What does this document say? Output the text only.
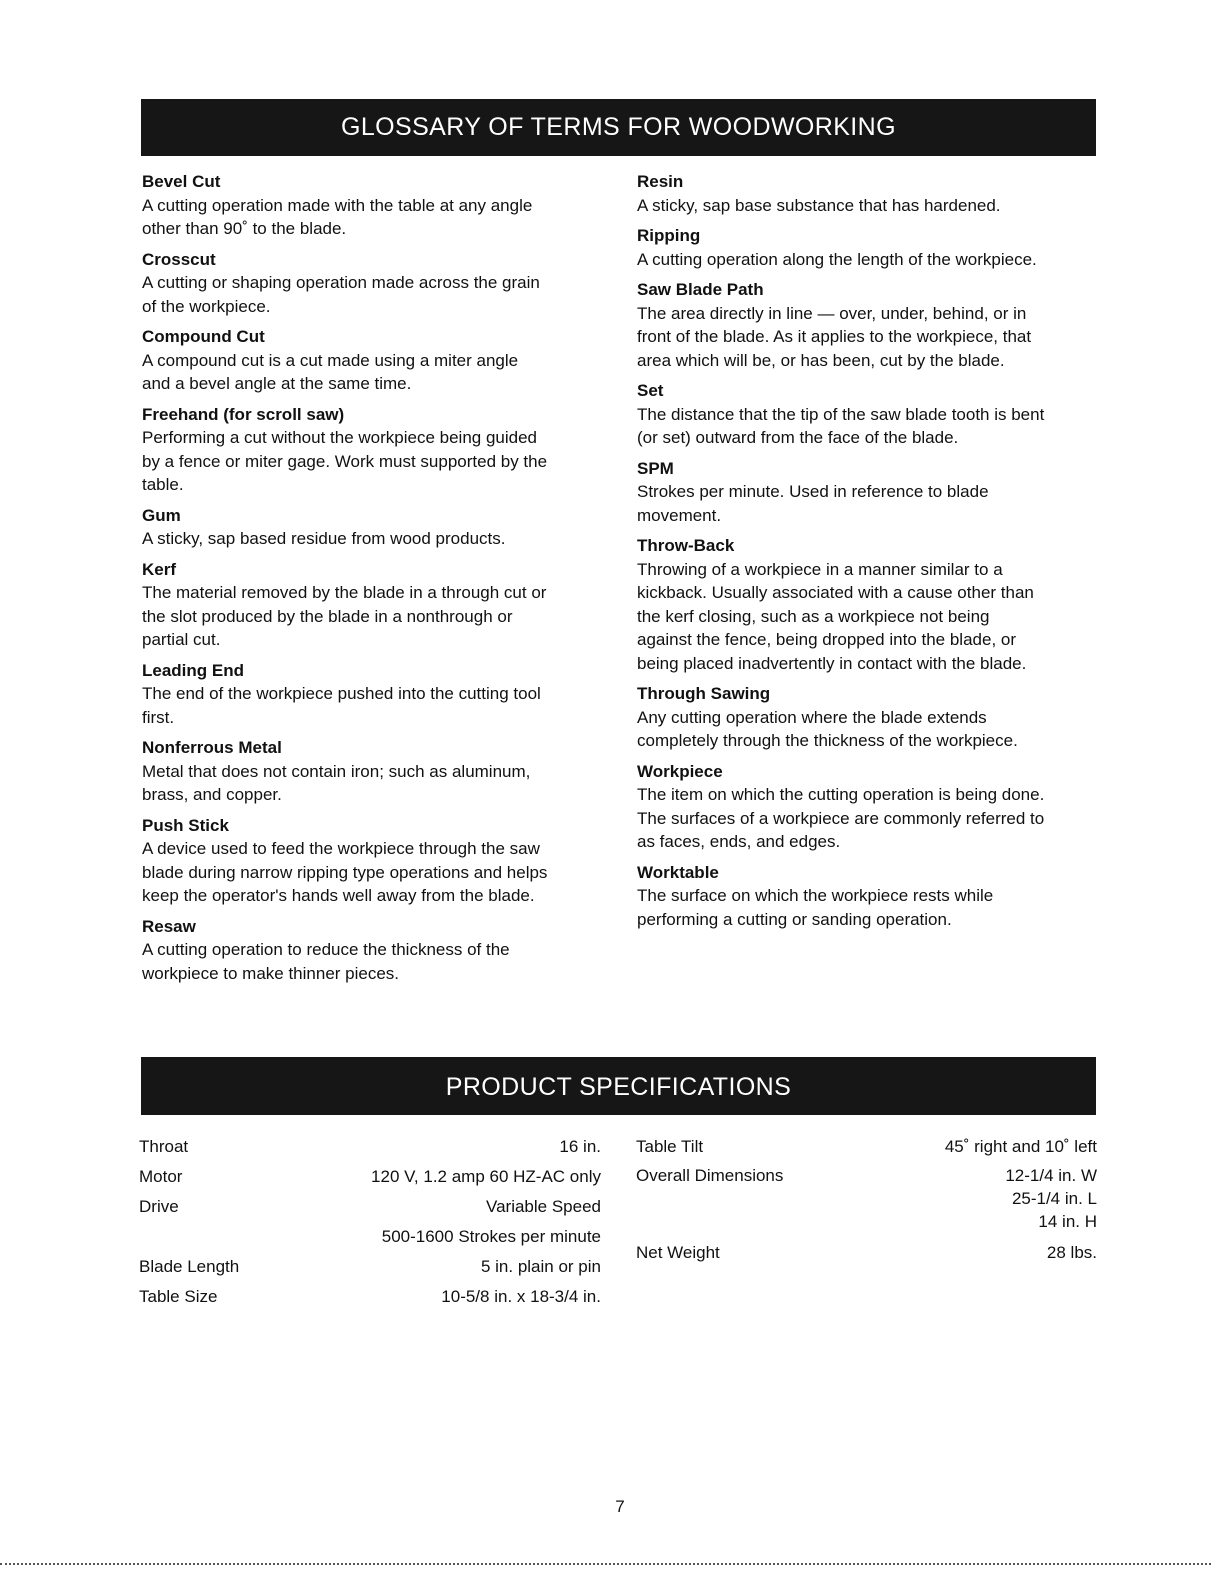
GLOSSARY OF TERMS FOR WOODWORKING

Bevel Cut

A cutting operation made with the table at any angle
other than 90˚ to the blade.

Crosscut

A cutting or shaping operation made across the grain
of the workpiece.

Compound Cut

A compound cut is a cut made using a miter angle
and a bevel angle at the same time.

Freehand (for scroll saw)

Performing a cut without the workpiece being guided
by a fence or miter gage. Work must supported by the
table.

Gum

A sticky, sap based residue from wood products.

Kerf

The material removed by the blade in a through cut or
the slot produced by the blade in a nonthrough or
partial cut.

Leading End

The end of the workpiece pushed into the cutting tool
first.

Nonferrous Metal

Metal that does not contain iron; such as aluminum,
brass, and copper.

Push Stick

A device used to feed the workpiece through the saw
blade during narrow ripping type operations and helps
keep the operator's hands well away from the blade.

Resaw

A cutting operation to reduce the thickness of the
workpiece to make thinner pieces.

Resin

A sticky, sap base substance that has hardened.

Ripping

A cutting operation along the length of the workpiece.

Saw Blade Path

The area directly in line — over, under, behind, or in
front of the blade. As it applies to the workpiece, that
area which will be, or has been, cut by the blade.

Set

The distance that the tip of the saw blade tooth is bent
(or set) outward from the face of the blade.

SPM

Strokes per minute. Used in reference to blade
movement.

Throw-Back

Throwing of a workpiece in a manner similar to a
kickback. Usually associated with a cause other than
the kerf closing, such as a workpiece not being
against the fence, being dropped into the blade, or
being placed inadvertently in contact with the blade.

Through Sawing

Any cutting operation where the blade extends
completely through the thickness of the workpiece.

Workpiece

The item on which the cutting operation is being done.
The surfaces of a workpiece are commonly referred to
as faces, ends, and edges.

Worktable

The surface on which the workpiece rests while
performing a cutting or sanding operation.

PRODUCT SPECIFICATIONS
Throat	16 in.
Motor	120 V, 1.2 amp 60 HZ-AC only
Drive	Variable Speed
500-1600 Strokes per minute
Blade Length	5 in. plain or pin
Table Size	10-5/8 in. x 18-3/4 in.
Table Tilt	45˚ right and 10˚ left
Overall Dimensions	12-1/4 in. W
25-1/4 in. L
14 in. H
Net Weight	28 lbs.
7
